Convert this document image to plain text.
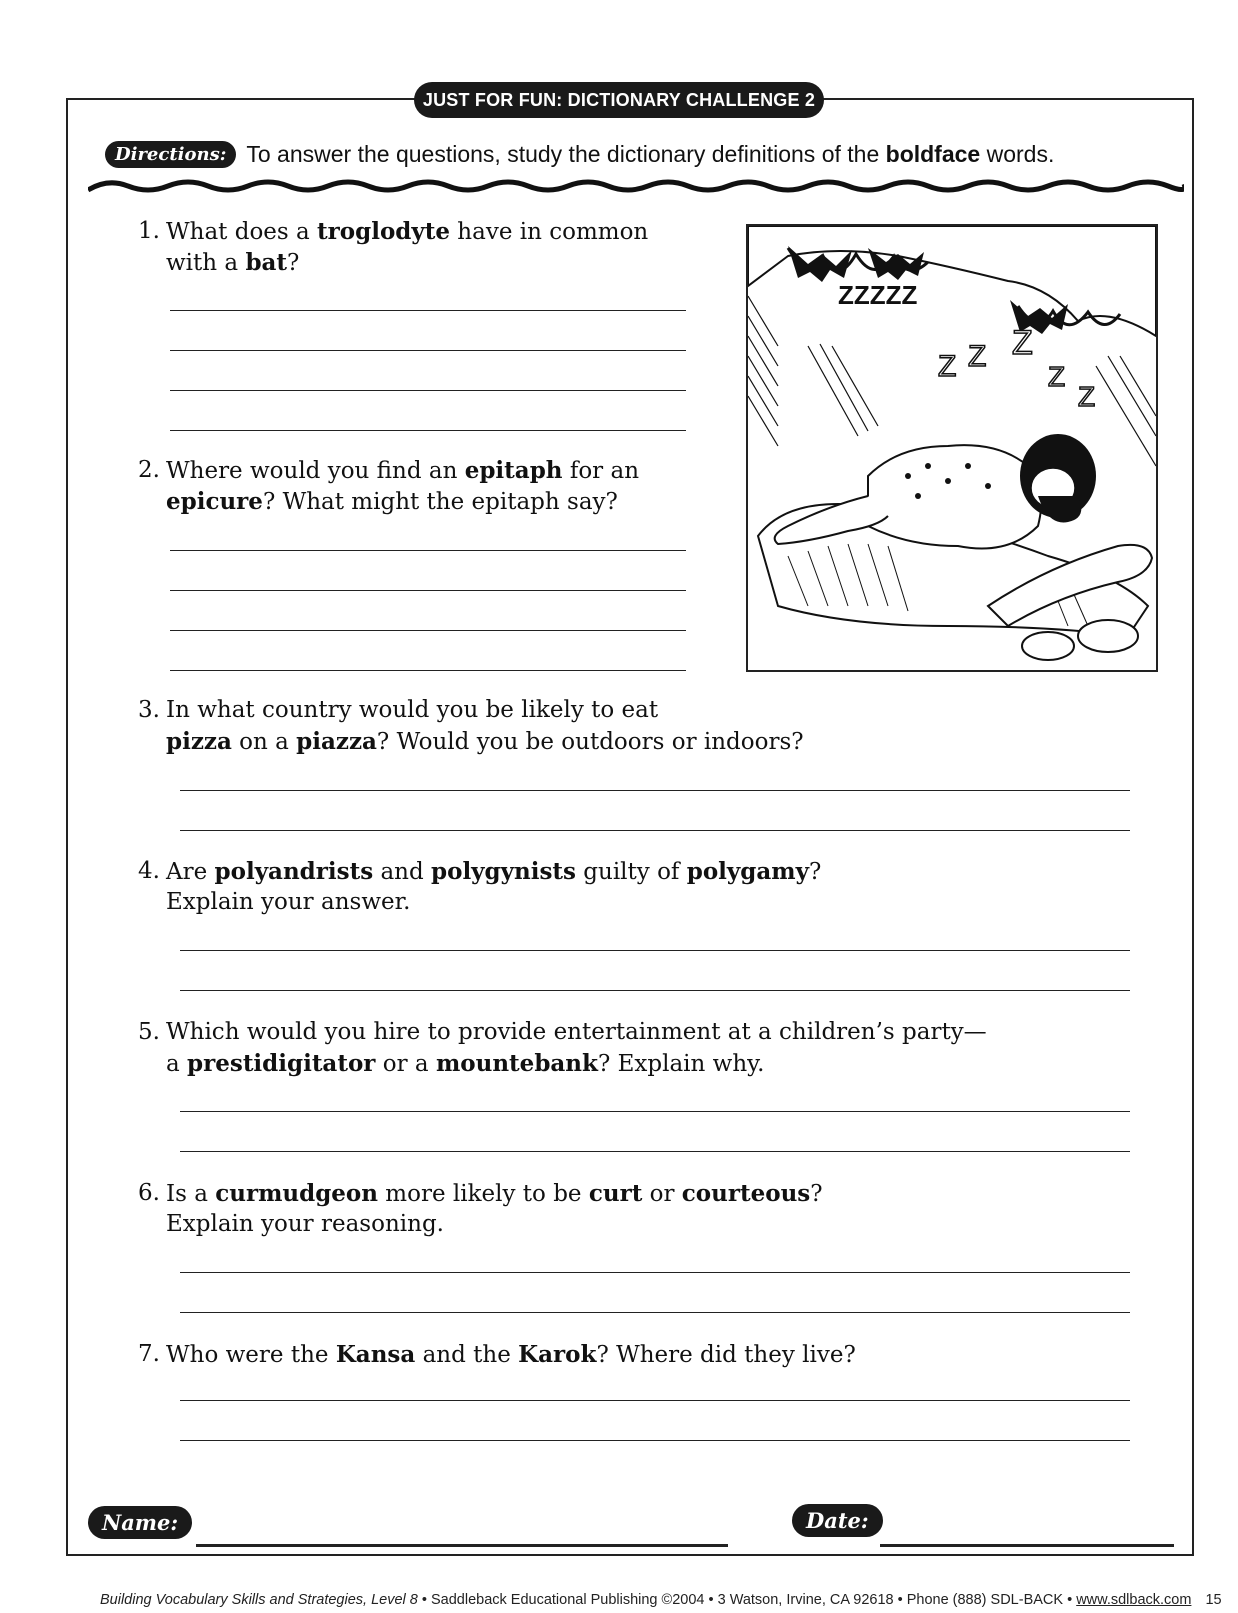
JUST FOR FUN: DICTIONARY CHALLENGE 2
Directions: To answer the questions, study the dictionary definitions of the boldface words.
1. What does a troglodyte have in common
with a bat?
2. Where would you find an epitaph for an
epicure? What might the epitaph say?
3. In what country would you be likely to eat
pizza on a piazza? Would you be outdoors or indoors?
4. Are polyandrists and polygynists guilty of polygamy?
Explain your answer.
5. Which would you hire to provide entertainment at a children’s party—
a prestidigitator or a mountebank? Explain why.
6. Is a curmudgeon more likely to be curt or courteous?
Explain your reasoning.
7. Who were the Kansa and the Karok? Where did they live?
ZZZZZ
Z Z Z
Z
Z
Name:	Date:
Building Vocabulary Skills and Strategies, Level 8 • Saddleback Educational Publishing ©2004 • 3 Watson, Irvine, CA 92618 • Phone (888) SDL-BACK • www.sdlback.com 15
